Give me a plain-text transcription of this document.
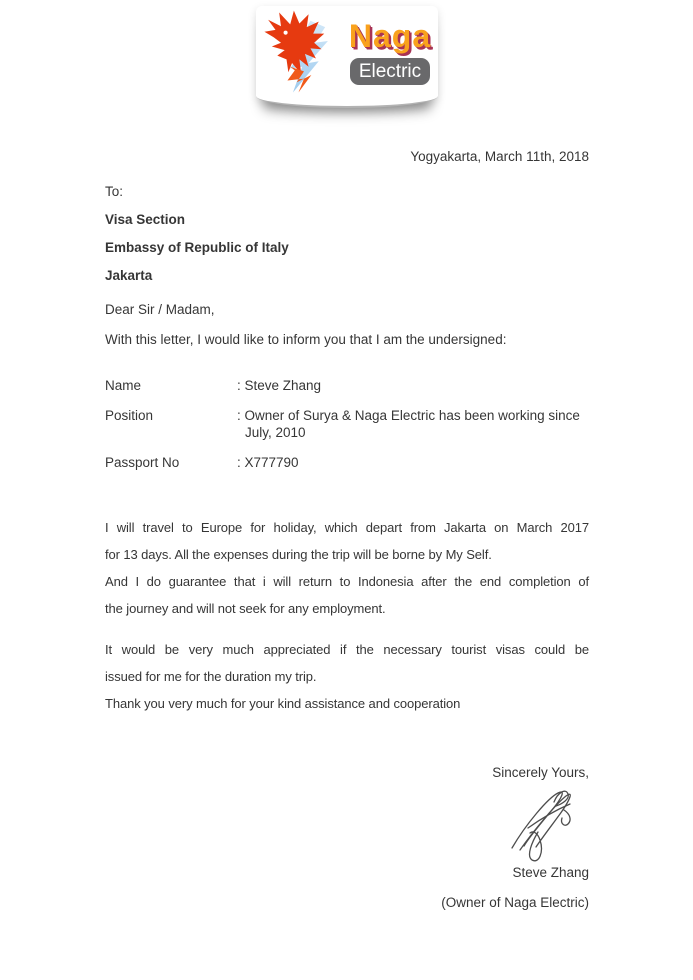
Naga
Electric
Yogyakarta, March 11th, 2018
To:
Visa Section
Embassy of Republic of Italy
Jakarta
Dear Sir / Madam,
With this letter, I would like to inform you that I am the undersigned:
Name	: Steve Zhang
Position	: Owner of Surya & Naga Electric has been working since
July, 2010
Passport No	: X777790
I will travel to Europe for holiday, which depart from Jakarta on March 2017
for 13 days. All the expenses during the trip will be borne by My Self.
And I do guarantee that i will return to Indonesia after the end completion of
the journey and will not seek for any employment.
It would be very much appreciated if the necessary tourist visas could be
issued for me for the duration my trip.
Thank you very much for your kind assistance and cooperation
Sincerely Yours,
Steve Zhang
(Owner of Naga Electric)
